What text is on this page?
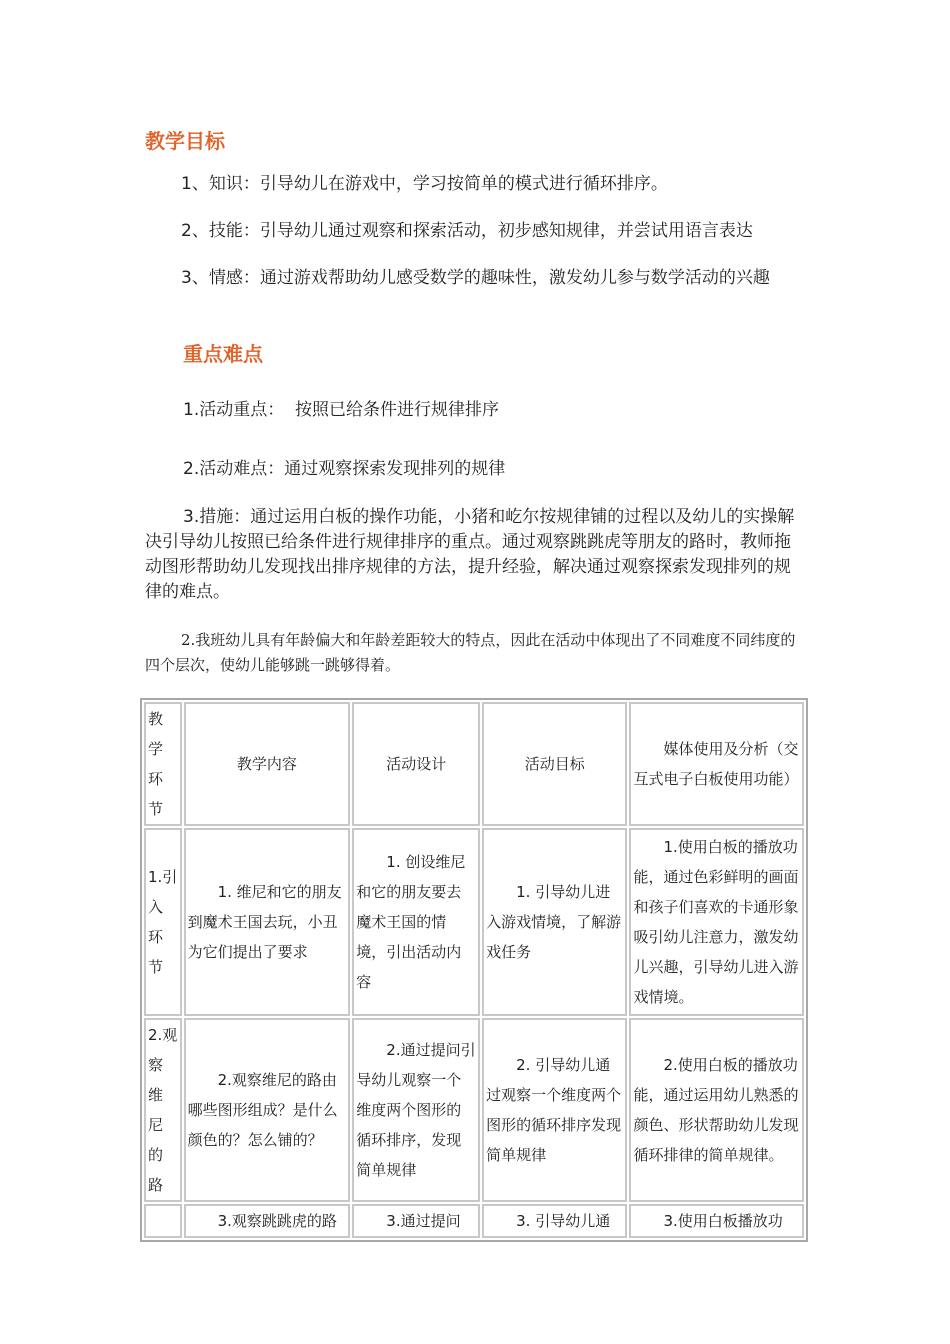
教学目标
1、知识：引导幼儿在游戏中，学习按简单的模式进行循环排序。
2、技能：引导幼儿通过观察和探索活动，初步感知规律，并尝试用语言表达
3、情感：通过游戏帮助幼儿感受数学的趣味性，激发幼儿参与数学活动的兴趣
重点难点
1.活动重点：  按照已给条件进行规律排序
2.活动难点：通过观察探索发现排列的规律
3.措施：通过运用白板的操作功能，小猪和屹尔按规律铺的过程以及幼儿的实操解决引导幼儿按照已给条件进行规律排序的重点。通过观察跳跳虎等朋友的路时，教师拖动图形帮助幼儿发现找出排序规律的方法，提升经验，解决通过观察探索发现排列的规律的难点。
2.我班幼儿具有年龄偏大和年龄差距较大的特点，因此在活动中体现出了不同难度不同纬度的四个层次，使幼儿能够跳一跳够得着。
教学环节	教学内容	活动设计	活动目标	媒体使用及分析（交互式电子白板使用功能）
1.引入环节	1. 维尼和它的朋友到魔术王国去玩，小丑为它们提出了要求	1. 创设维尼和它的朋友要去魔术王国的情境，引出活动内容	1. 引导幼儿进入游戏情境，了解游戏任务	1.使用白板的播放功能，通过色彩鲜明的画面和孩子们喜欢的卡通形象吸引幼儿注意力，激发幼儿兴趣，引导幼儿进入游戏情境。
2.观察维尼的路	2.观察维尼的路由哪些图形组成？是什么颜色的？怎么铺的？	2.通过提问引导幼儿观察一个维度两个图形的循环排序，发现简单规律	2. 引导幼儿通过观察一个维度两个图形的循环排序发现简单规律	2.使用白板的播放功能，通过运用幼儿熟悉的颜色、形状帮助幼儿发现循环排律的简单规律。
	3.观察跳跳虎的路	3.通过提问	3. 引导幼儿通	3.使用白板播放功
